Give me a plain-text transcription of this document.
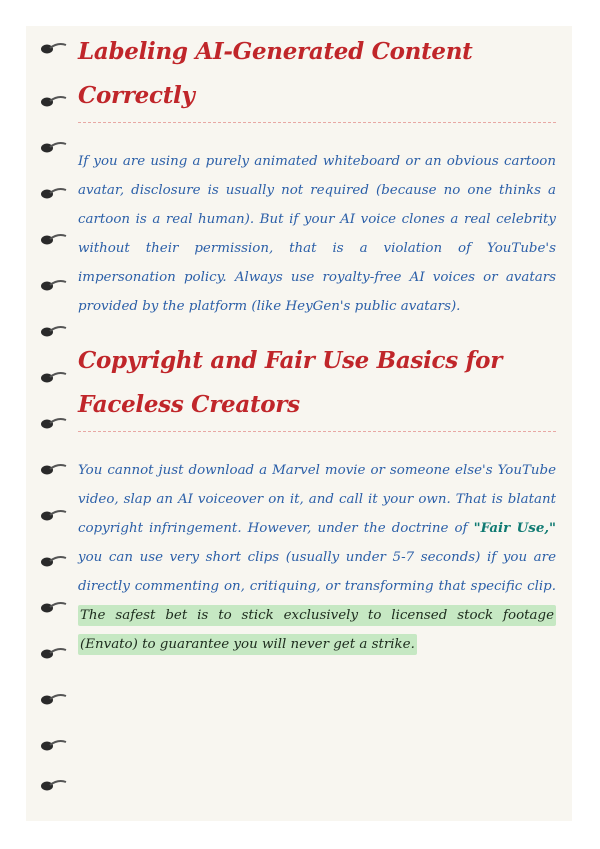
Labeling AI-Generated Content Correctly

If you are using a purely animated whiteboard or an obvious cartoon avatar, disclosure is usually not required (because no one thinks a cartoon is a real human). But if your AI voice clones a real celebrity without their permission, that is a violation of YouTube's impersonation policy. Always use royalty-free AI voices or avatars provided by the platform (like HeyGen's public avatars).

Copyright and Fair Use Basics for Faceless Creators

You cannot just download a Marvel movie or someone else's YouTube video, slap an AI voiceover on it, and call it your own. That is blatant copyright infringement. However, under the doctrine of "Fair Use," you can use very short clips (usually under 5-7 seconds) if you are directly commenting on, critiquing, or transforming that specific clip. The safest bet is to stick exclusively to licensed stock footage (Envato) to guarantee you will never get a strike.
